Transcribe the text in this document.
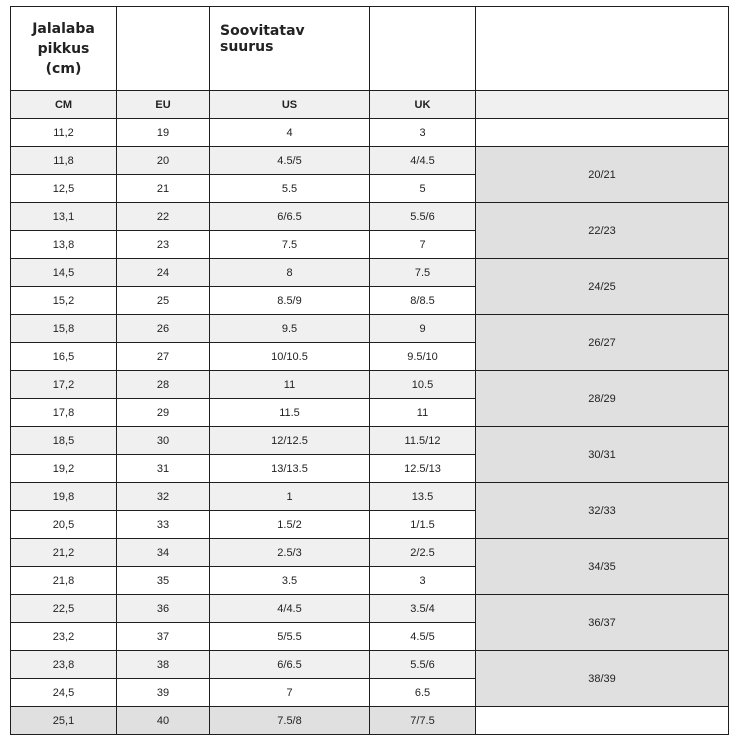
Jalalaba pikkus (cm)		Soovitatav suurus		
CM	EU	US	UK	
11,2	19	4	3	
11,8	20	4.5/5	4/4.5	20/21
12,5	21	5.5	5	
13,1	22	6/6.5	5.5/6	22/23
13,8	23	7.5	7	
14,5	24	8	7.5	24/25
15,2	25	8.5/9	8/8.5	
15,8	26	9.5	9	26/27
16,5	27	10/10.5	9.5/10	
17,2	28	11	10.5	28/29
17,8	29	11.5	11	
18,5	30	12/12.5	11.5/12	30/31
19,2	31	13/13.5	12.5/13	
19,8	32	1	13.5	32/33
20,5	33	1.5/2	1/1.5	
21,2	34	2.5/3	2/2.5	34/35
21,8	35	3.5	3	
22,5	36	4/4.5	3.5/4	36/37
23,2	37	5/5.5	4.5/5	
23,8	38	6/6.5	5.5/6	38/39
24,5	39	7	6.5	
25,1	40	7.5/8	7/7.5	
